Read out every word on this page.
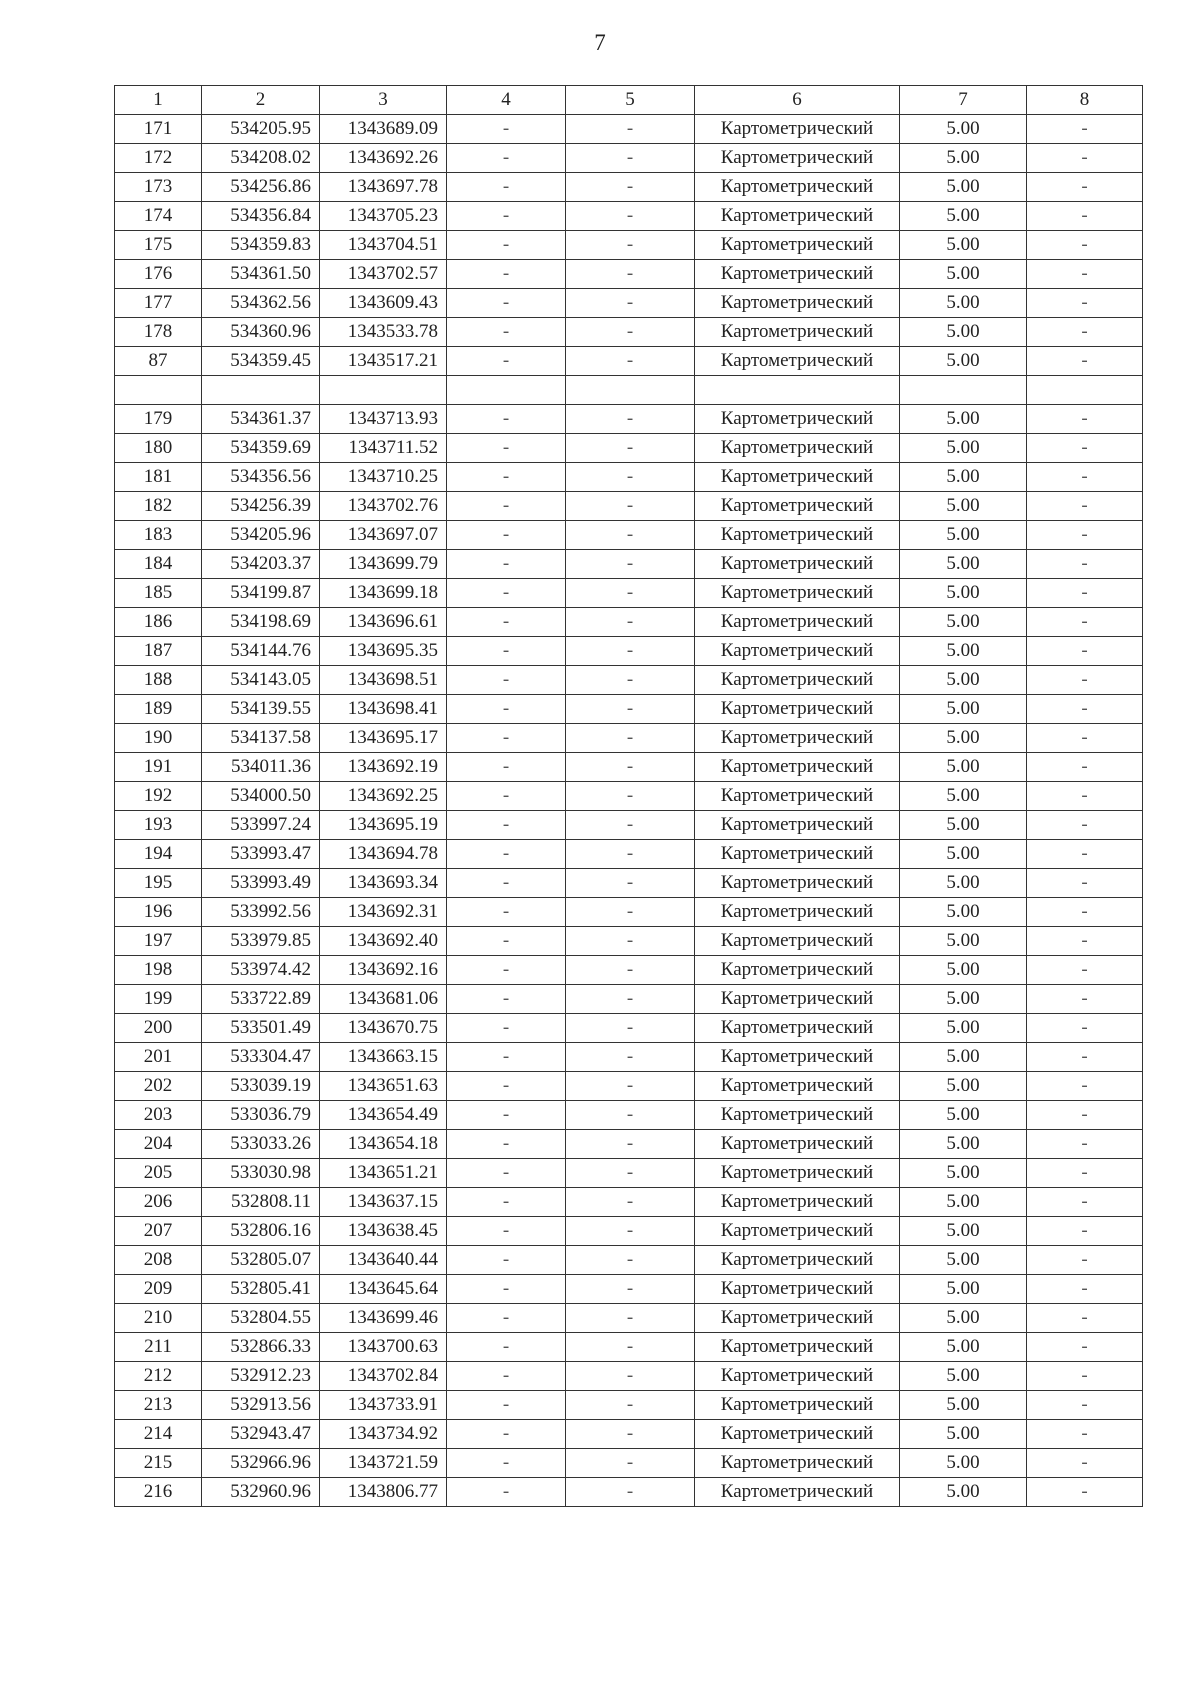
7
1	2	3	4	5	6	7	8
171	534205.95	1343689.09	-	-	Картометрический	5.00	-
172	534208.02	1343692.26	-	-	Картометрический	5.00	-
173	534256.86	1343697.78	-	-	Картометрический	5.00	-
174	534356.84	1343705.23	-	-	Картометрический	5.00	-
175	534359.83	1343704.51	-	-	Картометрический	5.00	-
176	534361.50	1343702.57	-	-	Картометрический	5.00	-
177	534362.56	1343609.43	-	-	Картометрический	5.00	-
178	534360.96	1343533.78	-	-	Картометрический	5.00	-
87	534359.45	1343517.21	-	-	Картометрический	5.00	-

179	534361.37	1343713.93	-	-	Картометрический	5.00	-
180	534359.69	1343711.52	-	-	Картометрический	5.00	-
181	534356.56	1343710.25	-	-	Картометрический	5.00	-
182	534256.39	1343702.76	-	-	Картометрический	5.00	-
183	534205.96	1343697.07	-	-	Картометрический	5.00	-
184	534203.37	1343699.79	-	-	Картометрический	5.00	-
185	534199.87	1343699.18	-	-	Картометрический	5.00	-
186	534198.69	1343696.61	-	-	Картометрический	5.00	-
187	534144.76	1343695.35	-	-	Картометрический	5.00	-
188	534143.05	1343698.51	-	-	Картометрический	5.00	-
189	534139.55	1343698.41	-	-	Картометрический	5.00	-
190	534137.58	1343695.17	-	-	Картометрический	5.00	-
191	534011.36	1343692.19	-	-	Картометрический	5.00	-
192	534000.50	1343692.25	-	-	Картометрический	5.00	-
193	533997.24	1343695.19	-	-	Картометрический	5.00	-
194	533993.47	1343694.78	-	-	Картометрический	5.00	-
195	533993.49	1343693.34	-	-	Картометрический	5.00	-
196	533992.56	1343692.31	-	-	Картометрический	5.00	-
197	533979.85	1343692.40	-	-	Картометрический	5.00	-
198	533974.42	1343692.16	-	-	Картометрический	5.00	-
199	533722.89	1343681.06	-	-	Картометрический	5.00	-
200	533501.49	1343670.75	-	-	Картометрический	5.00	-
201	533304.47	1343663.15	-	-	Картометрический	5.00	-
202	533039.19	1343651.63	-	-	Картометрический	5.00	-
203	533036.79	1343654.49	-	-	Картометрический	5.00	-
204	533033.26	1343654.18	-	-	Картометрический	5.00	-
205	533030.98	1343651.21	-	-	Картометрический	5.00	-
206	532808.11	1343637.15	-	-	Картометрический	5.00	-
207	532806.16	1343638.45	-	-	Картометрический	5.00	-
208	532805.07	1343640.44	-	-	Картометрический	5.00	-
209	532805.41	1343645.64	-	-	Картометрический	5.00	-
210	532804.55	1343699.46	-	-	Картометрический	5.00	-
211	532866.33	1343700.63	-	-	Картометрический	5.00	-
212	532912.23	1343702.84	-	-	Картометрический	5.00	-
213	532913.56	1343733.91	-	-	Картометрический	5.00	-
214	532943.47	1343734.92	-	-	Картометрический	5.00	-
215	532966.96	1343721.59	-	-	Картометрический	5.00	-
216	532960.96	1343806.77	-	-	Картометрический	5.00	-
